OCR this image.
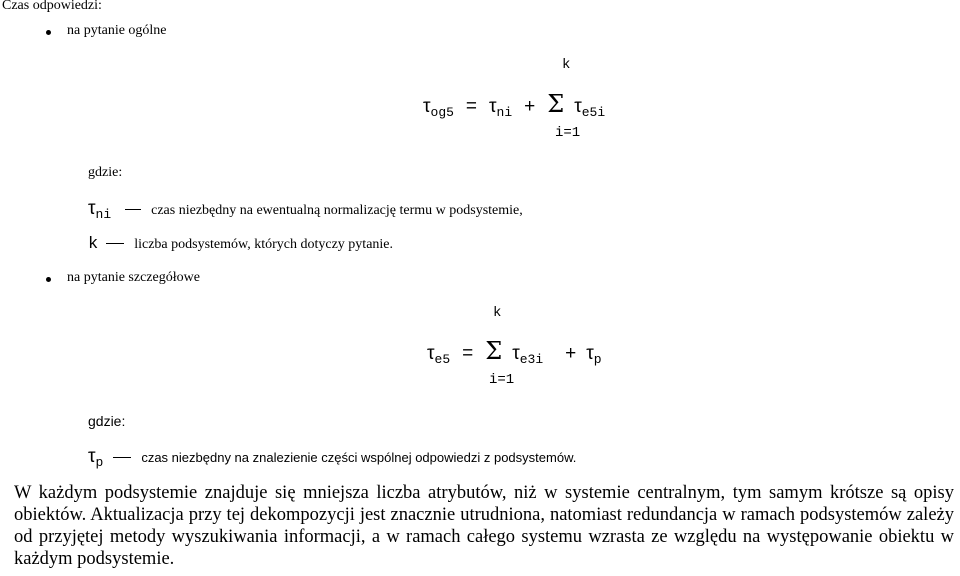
Czas odpowiedzi:
na pytanie ogólne
k
$\tau_{og5} = \tau_{ni} + \Sigma$ $\tau_{e5i}$
i=1
gdzie:
$\tau_{ni}$	czas niezbędny na ewentualną normalizację termu w podsystemie,
k	liczba podsystemów, których dotyczy pytanie.
na pytanie szczegółowe
k
$\tau_{e5} = \Sigma$ $\tau_{e3i} + \tau_p$
i=1
gdzie:
$\tau_p$	czas niezbędny na znalezienie części wspólnej odpowiedzi z podsystemów.
W każdym podsystemie znajduje się mniejsza liczba atrybutów, niż w systemie centralnym, tym samym krótsze są opisy obiektów. Aktualizacja przy tej dekompozycji jest znacznie utrudniona, natomiast redundancja w ramach podsystemów zależy od przyjętej metody wyszukiwania informacji, a w ramach całego systemu wzrasta ze względu na występowanie obiektu w każdym podsystemie.
